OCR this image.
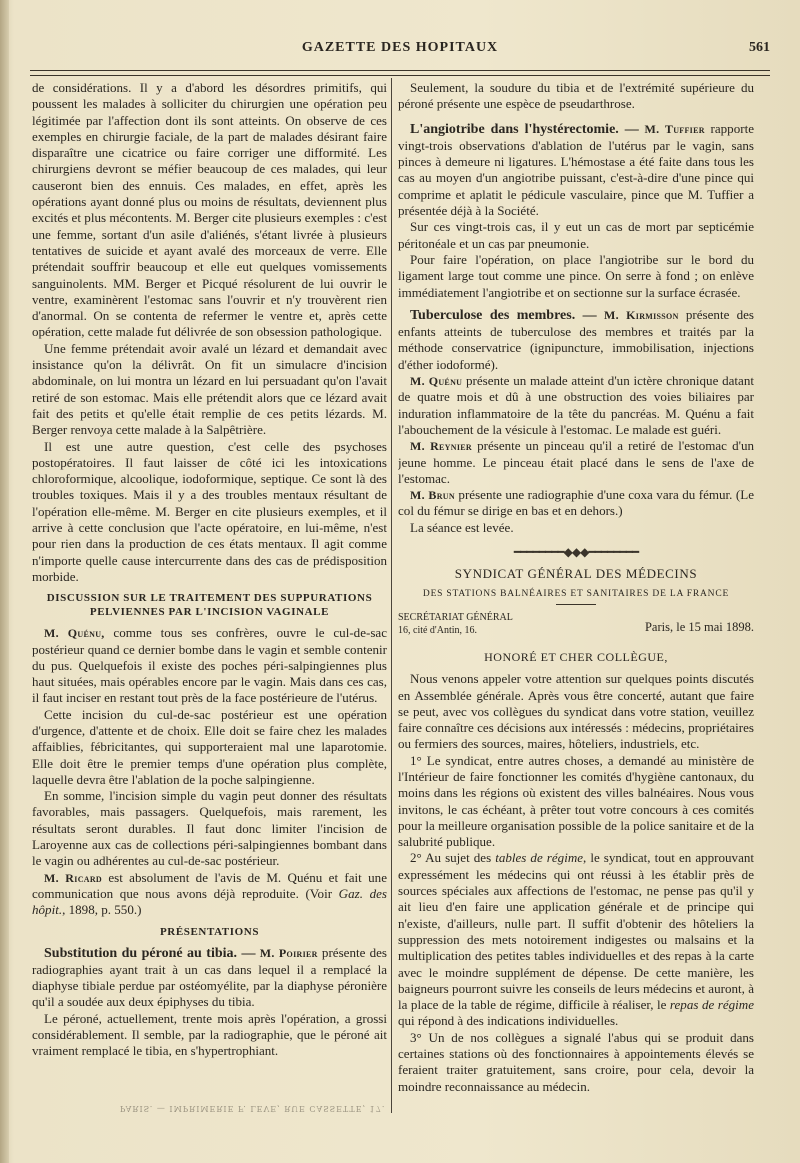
GAZETTE DES HOPITAUX	561

de considérations. Il y a d'abord les désordres primitifs, qui poussent les malades à solliciter du chirurgien une opération peu légitimée par l'affection dont ils sont atteints. On observe de ces exemples en chirurgie faciale, de la part de malades désirant faire disparaître une cicatrice ou faire corriger une difformité. Les chirurgiens devront se méfier beaucoup de ces malades, qui leur causeront bien des ennuis. Ces malades, en effet, après les opérations ayant donné plus ou moins de résultats, deviennent plus excités et plus mécontents. M. Berger cite plusieurs exemples : c'est une femme, sortant d'un asile d'aliénés, s'étant livrée à plusieurs tentatives de suicide et ayant avalé des morceaux de verre. Elle prétendait souffrir beaucoup et elle eut quelques vomissements sanguinolents. MM. Berger et Picqué résolurent de lui ouvrir le ventre, examinèrent l'estomac sans l'ouvrir et n'y trouvèrent rien d'anormal. On se contenta de refermer le ventre et, après cette opération, cette malade fut délivrée de son obsession pathologique.

Une femme prétendait avoir avalé un lézard et demandait avec insistance qu'on la délivrât. On fit un simulacre d'incision abdominale, on lui montra un lézard en lui persuadant qu'on l'avait retiré de son estomac. Mais elle prétendit alors que ce lézard avait fait des petits et qu'elle était remplie de ces petits lézards. M. Berger renvoya cette malade à la Salpêtrière.

Il est une autre question, c'est celle des psychoses postopératoires. Il faut laisser de côté ici les intoxications chloroformique, alcoolique, iodoformique, septique. Ce sont là des troubles toxiques. Mais il y a des troubles mentaux résultant de l'opération elle-même. M. Berger en cite plusieurs exemples, et il arrive à cette conclusion que l'acte opératoire, en lui-même, n'est pour rien dans la production de ces états mentaux. Il agit comme n'importe quelle cause intercurrente dans des cas de prédisposition morbide.

DISCUSSION SUR LE TRAITEMENT DES SUPPURATIONS PELVIENNES PAR L'INCISION VAGINALE

M. Quénu, comme tous ses confrères, ouvre le cul-de-sac postérieur quand ce dernier bombe dans le vagin et semble contenir du pus. Quelquefois il existe des poches péri-salpingiennes plus haut situées, mais opérables encore par le vagin. Mais dans ces cas, il faut inciser en restant tout près de la face postérieure de l'utérus.

Cette incision du cul-de-sac postérieur est une opération d'urgence, d'attente et de choix. Elle doit se faire chez les malades affaiblies, fébricitantes, qui supporteraient mal une laparotomie. Elle doit être le premier temps d'une opération plus complète, laquelle devra être l'ablation de la poche salpingienne.

En somme, l'incision simple du vagin peut donner des résultats favorables, mais passagers. Quelquefois, mais rarement, les résultats seront durables. Il faut donc limiter l'incision de Laroyenne aux cas de collections péri-salpingiennes bombant dans le vagin ou adhérentes au cul-de-sac postérieur.

M. Ricard est absolument de l'avis de M. Quénu et fait une communication que nous avons déjà reproduite. (Voir Gaz. des hôpit., 1898, p. 550.)

PRÉSENTATIONS

Substitution du péroné au tibia. — M. Poirier présente des radiographies ayant trait à un cas dans lequel il a remplacé la diaphyse tibiale perdue par ostéomyélite, par la diaphyse péronière qu'il a soudée aux deux épiphyses du tibia.

Le péroné, actuellement, trente mois après l'opération, a grossi considérablement. Il semble, par la radiographie, que le péroné ait vraiment remplacé le tibia, en s'hypertrophiant.

Seulement, la soudure du tibia et de l'extrémité supérieure du péroné présente une espèce de pseudarthrose.

L'angiotribe dans l'hystérectomie. — M. Tuffier rapporte vingt-trois observations d'ablation de l'utérus par le vagin, sans pinces à demeure ni ligatures. L'hémostase a été faite dans tous les cas au moyen d'un angiotribe puissant, c'est-à-dire d'une pince qui comprime et aplatit le pédicule vasculaire, pince que M. Tuffier a présentée déjà à la Société.

Sur ces vingt-trois cas, il y eut un cas de mort par septicémie péritonéale et un cas par pneumonie.

Pour faire l'opération, on place l'angiotribe sur le bord du ligament large tout comme une pince. On serre à fond ; on enlève immédiatement l'angiotribe et on sectionne sur la surface écrasée.

Tuberculose des membres. — M. Kirmisson présente des enfants atteints de tuberculose des membres et traités par la méthode conservatrice (ignipuncture, immobilisation, injections d'éther iodoformé).

M. Quénu présente un malade atteint d'un ictère chronique datant de quatre mois et dû à une obstruction des voies biliaires par induration inflammatoire de la tête du pancréas. M. Quénu a fait l'abouchement de la vésicule à l'estomac. Le malade est guéri.

M. Reynier présente un pinceau qu'il a retiré de l'estomac d'un jeune homme. Le pinceau était placé dans le sens de l'axe de l'estomac.

M. Brun présente une radiographie d'une coxa vara du fémur. (Le col du fémur se dirige en bas et en dehors.)

La séance est levée.

━━━━━━━━◆◆◆━━━━━━━━
SYNDICAT GÉNÉRAL DES MÉDECINS
DES STATIONS BALNÉAIRES ET SANITAIRES DE LA FRANCE
SECRÉTARIAT GÉNÉRAL
16, cité d'Antin, 16.	Paris, le 15 mai 1898.
HONORÉ ET CHER COLLÈGUE,

Nous venons appeler votre attention sur quelques points discutés en Assemblée générale. Après vous être concerté, autant que faire se peut, avec vos collègues du syndicat dans votre station, veuillez faire connaître ces décisions aux intéressés : médecins, propriétaires ou fermiers des sources, maires, hôteliers, industriels, etc.

1° Le syndicat, entre autres choses, a demandé au ministère de l'Intérieur de faire fonctionner les comités d'hygiène cantonaux, du moins dans les régions où existent des villes balnéaires. Nous vous invitons, le cas échéant, à prêter tout votre concours à ces comités pour la meilleure organisation possible de la police sanitaire et de la salubrité publique.

2° Au sujet des tables de régime, le syndicat, tout en approuvant expressément les médecins qui ont réussi à les établir près de sources spéciales aux affections de l'estomac, ne pense pas qu'il y ait lieu d'en faire une application générale et de principe qui n'existe, d'ailleurs, nulle part. Il suffit d'obtenir des hôteliers la suppression des mets notoirement indigestes ou malsains et la multiplication des petites tables individuelles et des repas à la carte avec le moindre supplément de dépense. De cette manière, les baigneurs pourront suivre les conseils de leurs médecins et auront, à la place de la table de régime, difficile à réaliser, le repas de régime qui répond à des indications individuelles.

3° Un de nos collègues a signalé l'abus qui se produit dans certaines stations où des fonctionnaires à appointements élevés se feraient traiter gratuitement, sans croire, pour cela, devoir la moindre reconnaissance au médecin.

PARIS. — IMPRIMERIE F. LEVÉ, RUE CASSETTE, 17.
